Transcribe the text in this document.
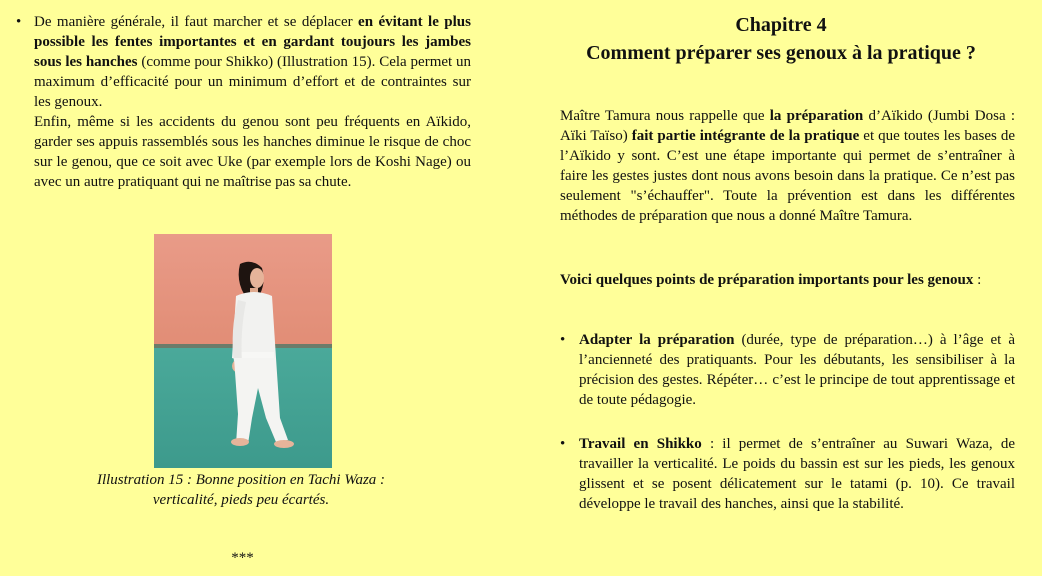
• De manière générale, il faut marcher et se déplacer en évitant le plus possible les fentes importantes et en gardant toujours les jambes sous les hanches (comme pour Shikko) (Illustration 15). Cela permet un maximum d’efficacité pour un minimum d’effort et de contraintes sur les genoux.

Enfin, même si les accidents du genou sont peu fréquents en Aïkido, garder ses appuis rassemblés sous les hanches diminue le risque de choc sur le genou, que ce soit avec Uke (par exemple lors de Koshi Nage) ou avec un autre pratiquant qui ne maîtrise pas sa chute.

Illustration 15 : Bonne position en Tachi Waza :

verticalité, pieds peu écartés.

***
Chapitre 4
Comment préparer ses genoux à la pratique ?
Maître Tamura nous rappelle que la préparation d’Aïkido (Jumbi Dosa : Aïki Taïso) fait partie intégrante de la pratique et que toutes les bases de l’Aïkido y sont. C’est une étape importante qui permet de s’entraîner à faire les gestes justes dont nous avons besoin dans la pratique. Ce n’est pas seulement "s’échauffer". Toute la prévention est dans les différentes méthodes de préparation que nous a donné Maître Tamura.
Voici quelques points de préparation importants pour les genoux :
• Adapter la préparation (durée, type de préparation…) à l’âge et à l’ancienneté des pratiquants. Pour les débutants, les sensibiliser à la précision des gestes. Répéter… c’est le principe de tout apprentissage et de toute pédagogie.
• Travail en Shikko : il permet de s’entraîner au Suwari Waza, de travailler la verticalité. Le poids du bassin est sur les pieds, les genoux glissent et se posent délicatement sur le tatami (p. 10). Ce travail développe le travail des hanches, ainsi que la stabilité.
